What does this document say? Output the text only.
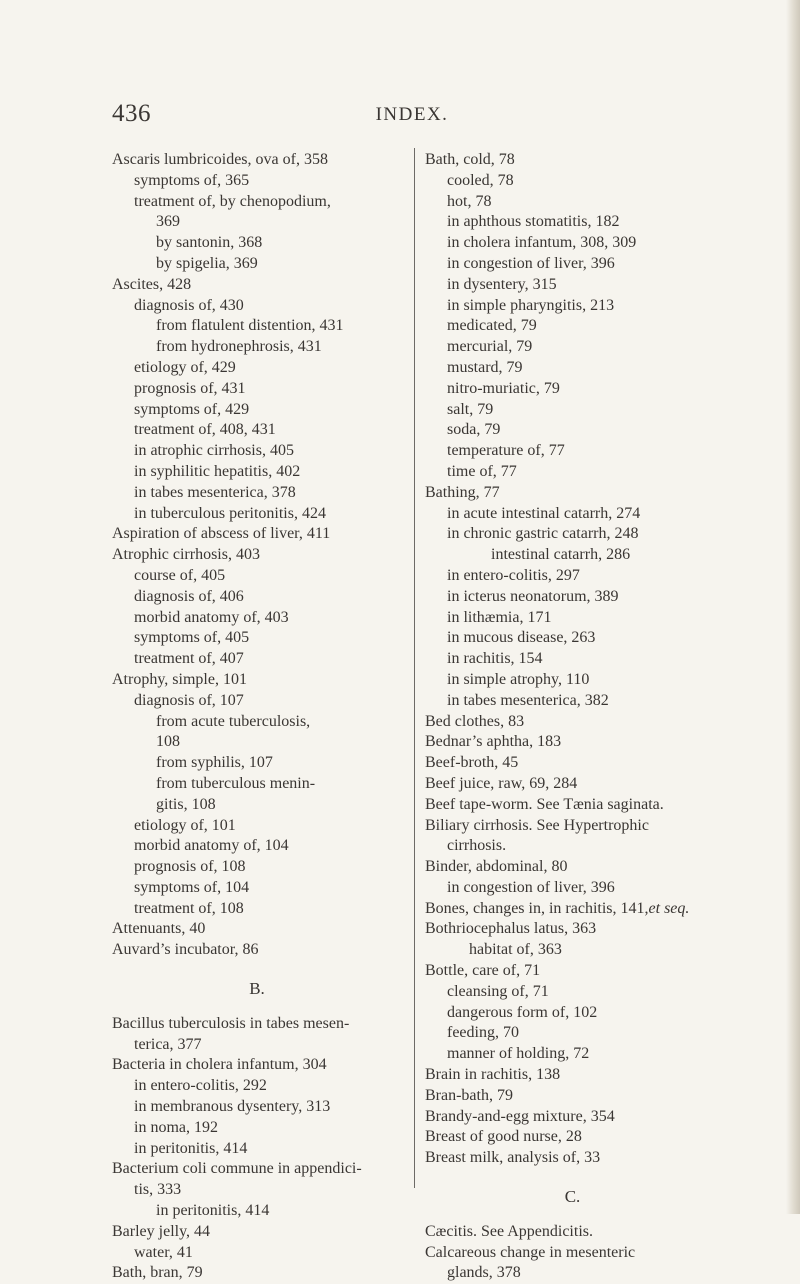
436	INDEX.
Ascaris lumbricoides, ova of, 358
symptoms of, 365
treatment of, by chenopodium,
369
by santonin, 368
by spigelia, 369
Ascites, 428
diagnosis of, 430
from flatulent distention, 431
from hydronephrosis, 431
etiology of, 429
prognosis of, 431
symptoms of, 429
treatment of, 408, 431
in atrophic cirrhosis, 405
in syphilitic hepatitis, 402
in tabes mesenterica, 378
in tuberculous peritonitis, 424
Aspiration of abscess of liver, 411
Atrophic cirrhosis, 403
course of, 405
diagnosis of, 406
morbid anatomy of, 403
symptoms of, 405
treatment of, 407
Atrophy, simple, 101
diagnosis of, 107
from acute tuberculosis,
108
from syphilis, 107
from tuberculous menin-
gitis, 108
etiology of, 101
morbid anatomy of, 104
prognosis of, 108
symptoms of, 104
treatment of, 108
Attenuants, 40
Auvard’s incubator, 86
B.
Bacillus tuberculosis in tabes mesen-
terica, 377
Bacteria in cholera infantum, 304
in entero-colitis, 292
in membranous dysentery, 313
in noma, 192
in peritonitis, 414
Bacterium coli commune in appendici-
tis, 333
in peritonitis, 414
Barley jelly, 44
water, 41
Bath, bran, 79
Bath, cold, 78
cooled, 78
hot, 78
in aphthous stomatitis, 182
in cholera infantum, 308, 309
in congestion of liver, 396
in dysentery, 315
in simple pharyngitis, 213
medicated, 79
mercurial, 79
mustard, 79
nitro-muriatic, 79
salt, 79
soda, 79
temperature of, 77
time of, 77
Bathing, 77
in acute intestinal catarrh, 274
in chronic gastric catarrh, 248
intestinal catarrh, 286
in entero-colitis, 297
in icterus neonatorum, 389
in lithæmia, 171
in mucous disease, 263
in rachitis, 154
in simple atrophy, 110
in tabes mesenterica, 382
Bed clothes, 83
Bednar’s aphtha, 183
Beef-broth, 45
Beef juice, raw, 69, 284
Beef tape-worm. See Tænia saginata.
Biliary cirrhosis. See Hypertrophic
cirrhosis.
Binder, abdominal, 80
in congestion of liver, 396
Bones, changes in, in rachitis, 141,et seq.
Bothriocephalus latus, 363
habitat of, 363
Bottle, care of, 71
cleansing of, 71
dangerous form of, 102
feeding, 70
manner of holding, 72
Brain in rachitis, 138
Bran-bath, 79
Brandy-and-egg mixture, 354
Breast of good nurse, 28
Breast milk, analysis of, 33
C.
Cæcitis. See Appendicitis.
Calcareous change in mesenteric
glands, 378
